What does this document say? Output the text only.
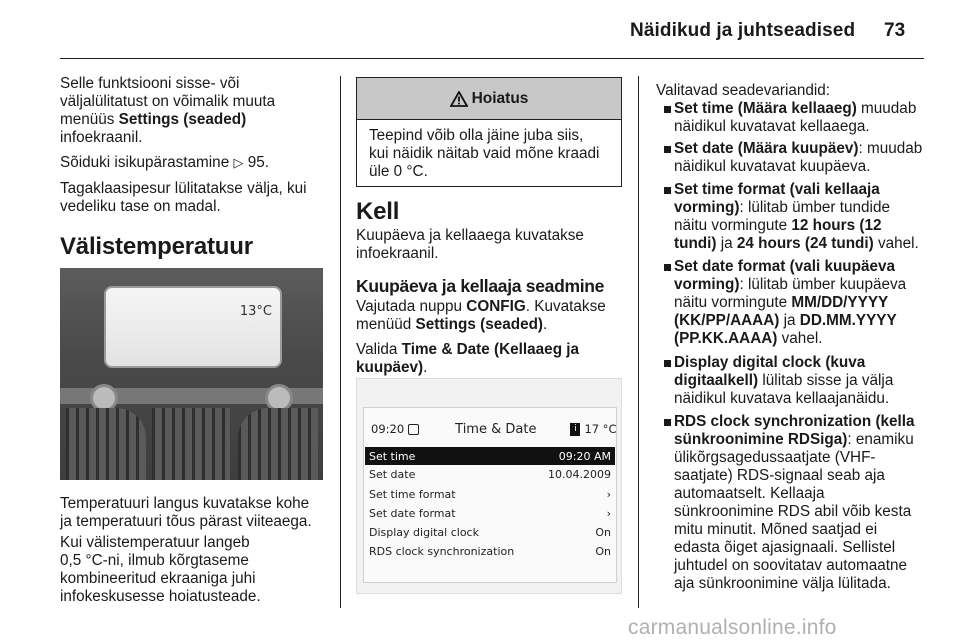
Näidikud ja juhtseadised 73
Selle funktsiooni sisse- või
väljalülitatust on võimalik muuta
menüüs Settings (seaded)
infoekraanil.
Sõiduki isikupärastamine ▷ 95.
Tagaklaasipesur lülitatakse välja, kui
vedeliku tase on madal.
Välistemperatuur
13°C
Temperatuuri langus kuvatakse kohe
ja temperatuuri tõus pärast viiteaega.
Kui välistemperatuur langeb
0,5 °C-ni, ilmub kõrgtaseme
kombineeritud ekraaniga juhi
infokeskusesse hoiatusteade.
Hoiatus
Teepind võib olla jäine juba siis,
kui näidik näitab vaid mõne kraadi
üle 0 °C.
Kell
Kuupäeva ja kellaaega kuvatakse
infoekraanil.
Kuupäeva ja kellaaja seadmine
Vajutada nuppu CONFIG. Kuvatakse
menüüd Settings (seaded).
Valida Time & Date (Kellaaeg ja
kuupäev).
09:20	Time & Date	i 17 °C
Set time	09:20 AM
Set date	10.04.2009
Set time format	›
Set date format	›
Display digital clock	On
RDS clock synchronization	On
Valitavad seadevariandid:
Set time (Määra kellaaeg) muudab
näidikul kuvatavat kellaaega.
Set date (Määra kuupäev): muudab
näidikul kuvatavat kuupäeva.
Set time format (vali kellaaja
vorming): lülitab ümber tundide
näitu vormingute 12 hours (12
tundi) ja 24 hours (24 tundi) vahel.
Set date format (vali kuupäeva
vorming): lülitab ümber kuupäeva
näitu vormingute MM/DD/YYYY
(KK/PP/AAAA) ja DD.MM.YYYY
(PP.KK.AAAA) vahel.
Display digital clock (kuva
digitaalkell) lülitab sisse ja välja
näidikul kuvatava kellaajanäidu.
RDS clock synchronization (kella
sünkroonimine RDSiga): enamiku
ülikõrgsagedussaatjate (VHF-
saatjate) RDS-signaal seab aja
automaatselt. Kellaaja
sünkroonimine RDS abil võib kesta
mitu minutit. Mõned saatjad ei
edasta õiget ajasignaali. Sellistel
juhtudel on soovitatav automaatne
aja sünkroonimine välja lülitada.
carmanualsonline.info
